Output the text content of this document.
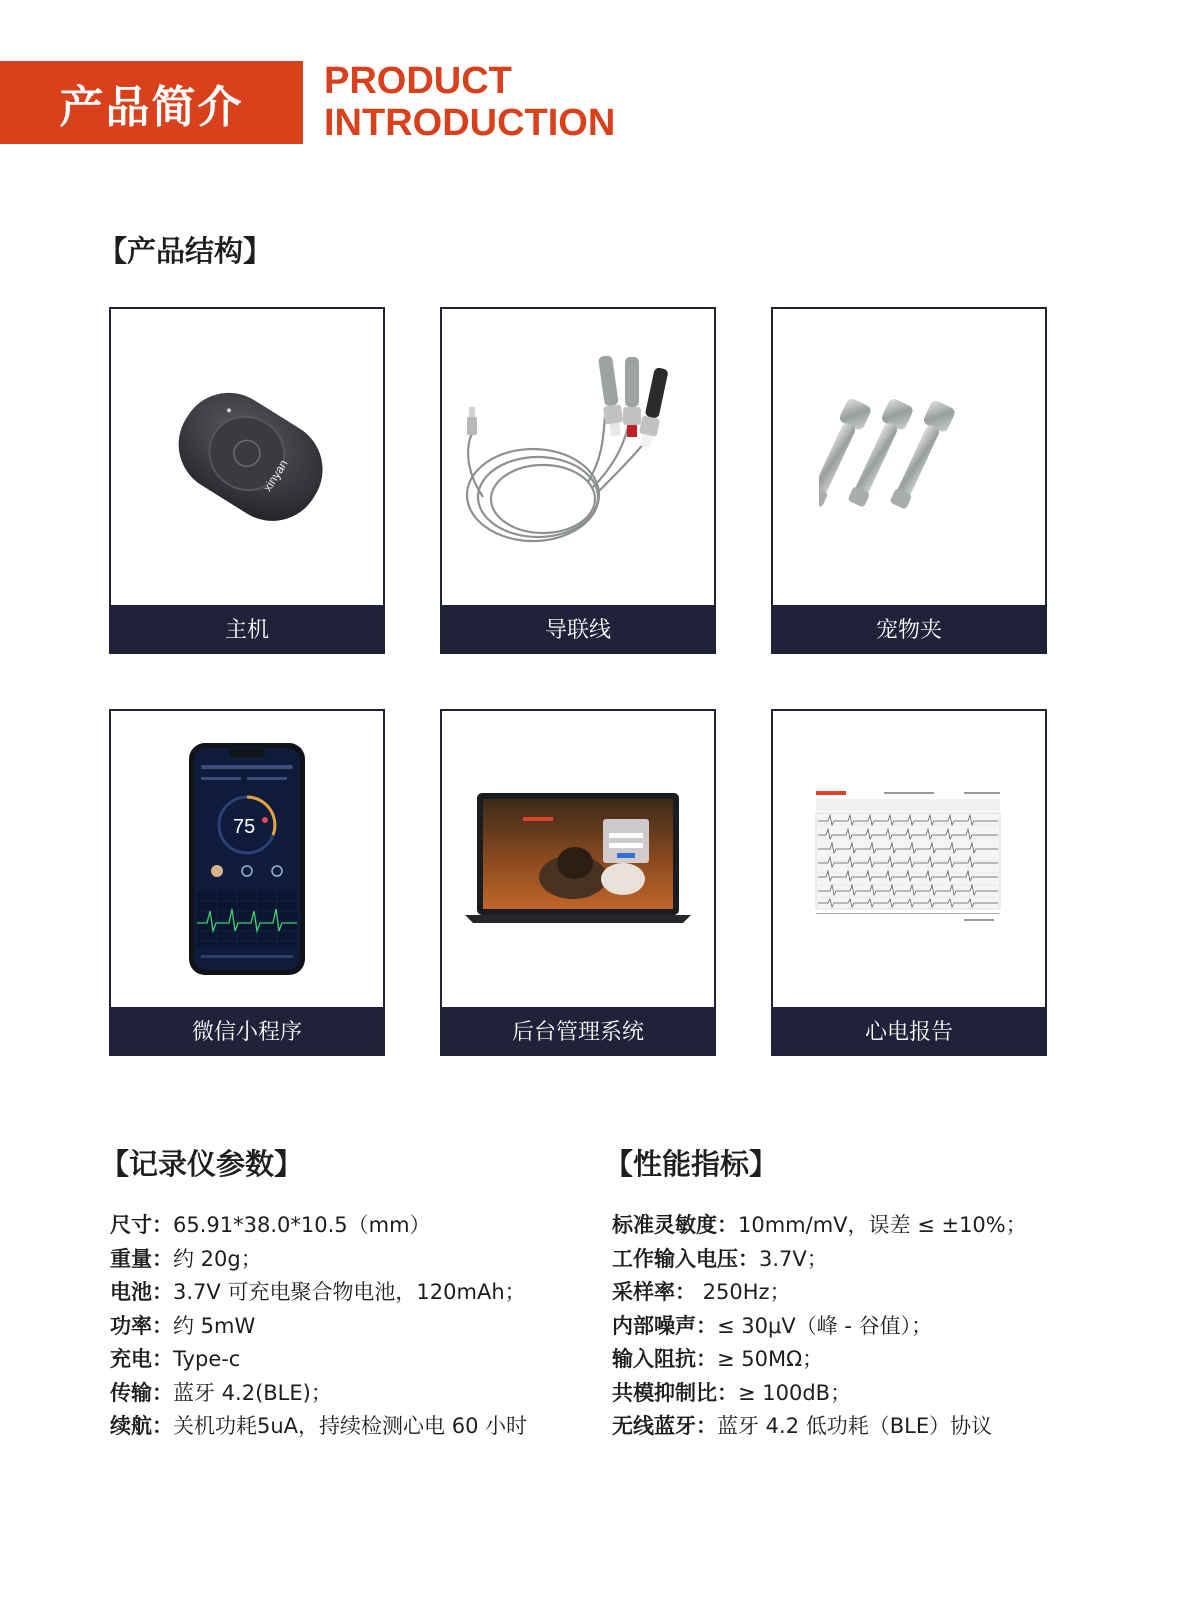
产品简介
PRODUCT
INTRODUCTION
【产品结构】
xinyan
主机	导联线	宠物夹
75
微信小程序	后台管理系统	心电报告
【记录仪参数】
尺寸：65.91*38.0*10.5（mm）
重量：约 20g；
电池：3.7V 可充电聚合物电池，120mAh；
功率：约 5mW
充电：Type-c
传输：蓝牙 4.2(BLE)；
续航：关机功耗5uA，持续检测心电 60 小时
【性能指标】
标准灵敏度：10mm/mV，误差 ≤ ±10%；
工作输入电压：3.7V；
采样率： 250Hz；
内部噪声：≤ 30μV（峰 - 谷值）；
输入阻抗：≥ 50MΩ；
共模抑制比：≥ 100dB；
无线蓝牙：蓝牙 4.2 低功耗（BLE）协议
